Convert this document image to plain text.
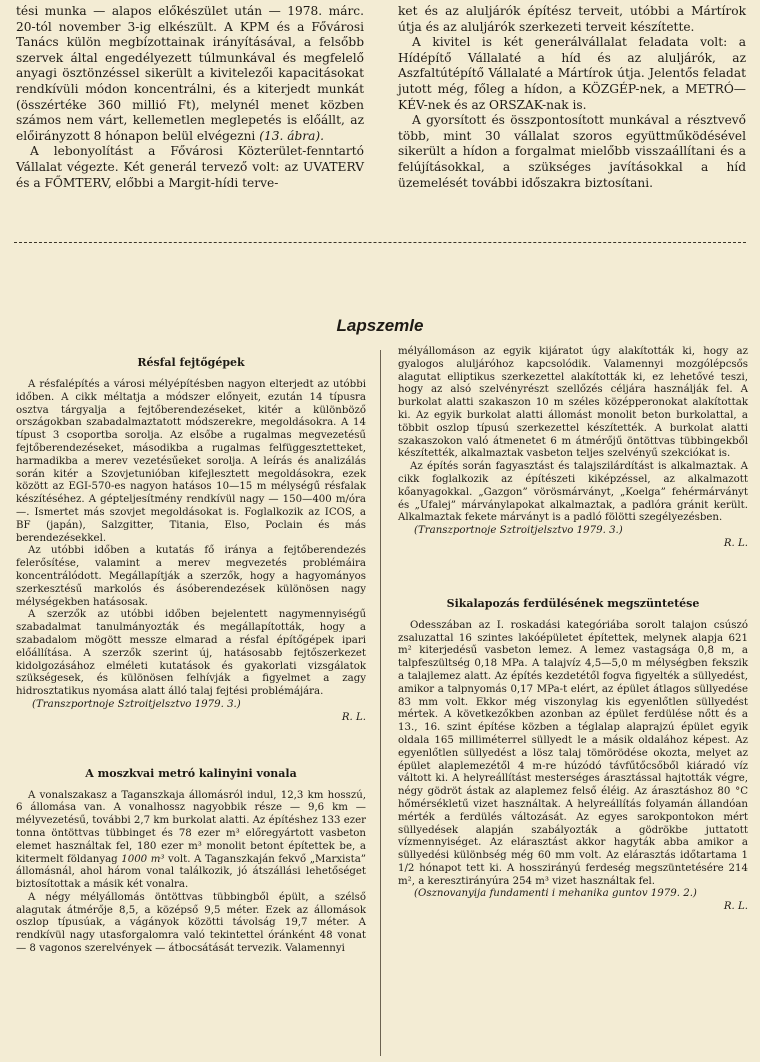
tési munka — alapos előkészület után — 1978. márc. 20-tól november 3-ig elkészült. A KPM és a Fővárosi Tanács külön megbízottainak irányításával, a felsőbb szervek által engedélyezett túlmunkával és megfelelő anyagi ösztönzéssel sikerült a kivitelezői kapacitásokat rendkívüli módon koncentrálni, és a kiterjedt munkát (összértéke 360 millió Ft), melynél menet közben számos nem várt, kellemetlen meglepetés is előállt, az előirányzott 8 hónapon belül elvégezni (13. ábra).

A lebonyolítást a Fővárosi Közterület-fenntartó Vállalat végezte. Két generál tervező volt: az UVATERV és a FŐMTERV, előbbi a Margit-hídi terve-

ket és az aluljárók építész terveit, utóbbi a Mártírok útja és az aluljárók szerkezeti terveit készítette.

A kivitel is két generálvállalat feladata volt: a Hídépítő Vállalaté a híd és az aluljárók, az Aszfaltútépítő Vállalaté a Mártírok útja. Jelentős feladat jutott még, főleg a hídon, a KÖZGÉP-nek, a METRÓ—KÉV-nek és az ORSZAK-nak is.

A gyorsított és összpontosított munkával a résztvevő több, mint 30 vállalat szoros együttműködésével sikerült a hídon a forgalmat mielőbb visszaállítani és a felújításokkal, a szükséges javításokkal a híd üzemelését további időszakra biztosítani.

Lapszemle
Résfal fejtőgépek

A résfalépítés a városi mélyépítésben nagyon elterjedt az utóbbi időben. A cikk méltatja a módszer előnyeit, ezután 14 típusra osztva tárgyalja a fejtőberendezéseket, kitér a különböző országokban szabadalmaztatott módszerekre, megoldásokra. A 14 típust 3 csoportba sorolja. Az elsőbe a rugalmas megvezetésű fejtőberendezéseket, másodikba a rugalmas felfüggesztetteket, harmadikba a merev vezetésűeket sorolja. A leírás és analizálás során kitér a Szovjetunióban kifejlesztett megoldásokra, ezek között az EGI-570-es nagyon hatásos 10—15 m mélységű résfalak készítéséhez. A gépteljesítmény rendkívül nagy — 150—400 m/óra —. Ismertet más szovjet megoldásokat is. Foglalkozik az ICOS, a BF (japán), Salzgitter, Titania, Elso, Poclain és más berendezésekkel.

Az utóbbi időben a kutatás fő iránya a fejtőberendezés felerősítése, valamint a merev megvezetés problémáira koncentrálódott. Megállapítják a szerzők, hogy a hagyományos szerkesztésű markolós és ásóberendezések különösen nagy mélységekben hatásosak.

A szerzők az utóbbi időben bejelentett nagymennyiségű szabadalmat tanulmányozták és megállapították, hogy a szabadalom mögött messze elmarad a résfal építőgépek ipari előállítása. A szerzők szerint új, hatásosabb fejtőszerkezet kidolgozásához elméleti kutatások és gyakorlati vizsgálatok szükségesek, és különösen felhívják a figyelmet a zagy hidrosztatikus nyomása alatt álló talaj fejtési problémájára.

(Transzportnoje Sztroitjelsztvo 1979. 3.)

R. L.
A moszkvai metró kalinyini vonala

A vonalszakasz a Taganszkaja állomásról indul, 12,3 km hosszú, 6 állomása van. A vonalhossz nagyobbik része — 9,6 km — mélyvezetésű, további 2,7 km burkolat alatti. Az építéshez 133 ezer tonna öntöttvas tübbinget és 78 ezer m³ előregyártott vasbeton elemet használtak fel, 180 ezer m³ monolit betont építettek be, a kitermelt földanyag 1000 m³ volt. A Taganszkaján fekvő „Marxista” állomásnál, ahol három vonal találkozik, jó átszállási lehetőséget biztosítottak a másik két vonalra.

A négy mélyállomás öntöttvas tübbingből épült, a szélső alagutak átmérője 8,5, a középső 9,5 méter. Ezek az állomások oszlop típusúak, a vágányok közötti távolság 19,7 méter. A rendkívül nagy utasforgalomra való tekintettel óránként 48 vonat — 8 vagonos szerelvények — átbocsátását tervezik. Valamennyi

mélyállomáson az egyik kijáratot úgy alakították ki, hogy az gyalogos aluljáróhoz kapcsolódik. Valamennyi mozgólépcsős alagutat elliptikus szerkezettel alakították ki, ez lehetővé teszi, hogy az alsó szelvényrészt szellőzés céljára használják fel. A burkolat alatti szakaszon 10 m széles középperonokat alakítottak ki. Az egyik burkolat alatti állomást monolit beton burkolattal, a többit oszlop típusú szerkezettel készítették. A burkolat alatti szakaszokon való átmenetet 6 m átmérőjű öntöttvas tübbingekből készítették, alkalmaztak vasbeton teljes szelvényű szekciókat is.

Az építés során fagyasztást és talajszilárdítást is alkalmaztak. A cikk foglalkozik az építészeti kiképzéssel, az alkalmazott kőanyagokkal. „Gazgon” vörösmárványt, „Koelga” fehérmárványt és „Ufalej” márványlapokat alkalmaztak, a padlóra gránit került. Alkalmaztak fekete márványt is a padló fölötti szegélyezésben.

(Transzportnoje Sztroitjelsztvo 1979. 3.)

R. L.
Sikalapozás ferdülésének megszüntetése

Odesszában az I. roskadási kategóriába sorolt talajon csúszó zsaluzattal 16 szintes lakóépületet építettek, melynek alapja 621 m² kiterjedésű vasbeton lemez. A lemez vastagsága 0,8 m, a talpfeszültség 0,18 MPa. A talajvíz 4,5—5,0 m mélységben fekszik a talajlemez alatt. Az építés kezdetétől fogva figyelték a süllyedést, amikor a talpnyomás 0,17 MPa-t elért, az épület átlagos süllyedése 83 mm volt. Ekkor még viszonylag kis egyenlőtlen süllyedést mértek. A következőkben azonban az épület ferdülése nőtt és a 13., 16. szint építése közben a téglalap alaprajzú épület egyik oldala 165 milliméterrel süllyedt le a másik oldalához képest. Az egyenlőtlen süllyedést a lösz talaj tömörödése okozta, melyet az épület alaplemezétől 4 m-re húzódó távfűtőcsőből kiáradó víz váltott ki. A helyreállítást mesterséges árasztással hajtották végre, négy gödröt ástak az alaplemez felső éléig. Az árasztáshoz 80 °C hőmérsékletű vizet használtak. A helyreállítás folyamán állandóan mérték a ferdülés változását. Az egyes sarokpontokon mért süllyedések alapján szabályozták a gödrökbe juttatott vízmennyiséget. Az elárasztást akkor hagyták abba amikor a süllyedési különbség még 60 mm volt. Az elárasztás időtartama 1 1/2 hónapot tett ki. A hosszirányú ferdeség megszüntetésére 214 m², a keresztirányúra 254 m³ vizet használtak fel.

(Osznovanyija fundamenti i mehanika guntov 1979. 2.)

R. L.
